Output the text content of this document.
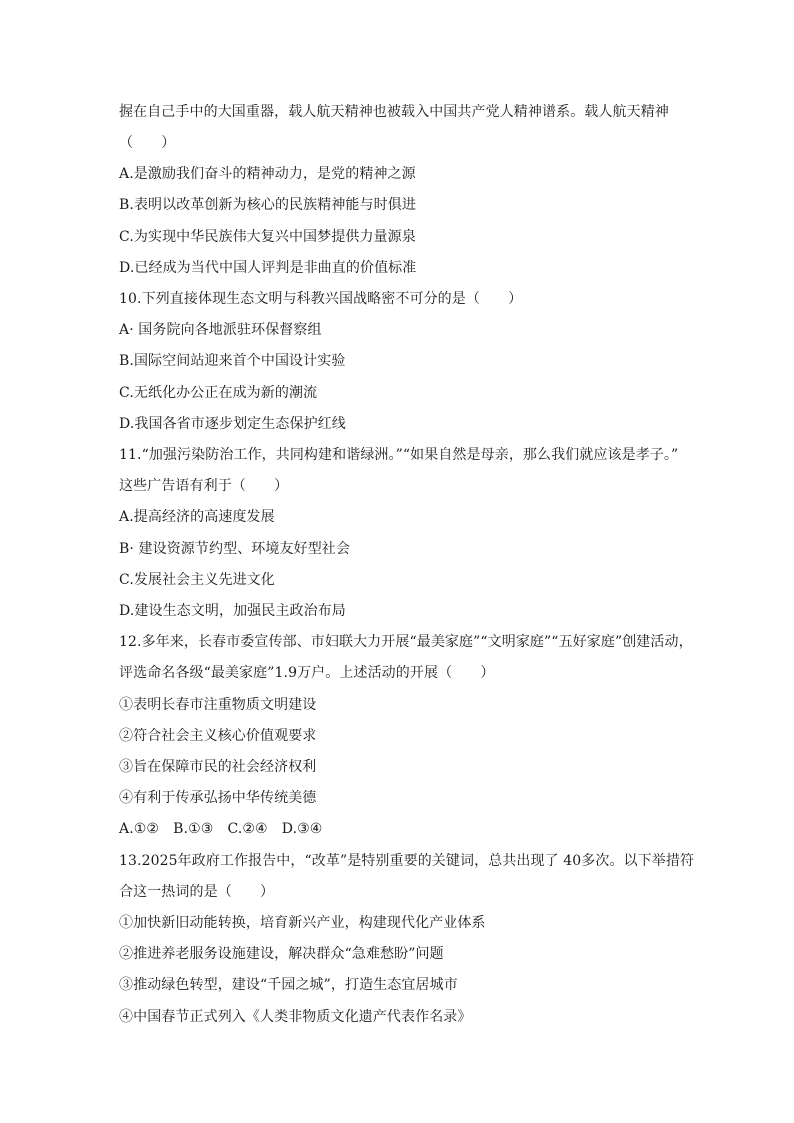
握在自己手中的大国重器，载人航天精神也被载入中国共产党人精神谱系。载人航天精神
（　　）
A.是激励我们奋斗的精神动力，是党的精神之源
B.表明以改革创新为核心的民族精神能与时俱进
C.为实现中华民族伟大复兴中国梦提供力量源泉
D.已经成为当代中国人评判是非曲直的价值标准
10.下列直接体现生态文明与科教兴国战略密不可分的是（　　）
A· 国务院向各地派驻环保督察组
B.国际空间站迎来首个中国设计实验
C.无纸化办公正在成为新的潮流
D.我国各省市逐步划定生态保护红线
11.“加强污染防治工作，共同构建和谐绿洲。”“如果自然是母亲，那么我们就应该是孝子。”
这些广告语有利于（　　）
A.提高经济的高速度发展
B· 建设资源节约型、环境友好型社会
C.发展社会主义先进文化
D.建设生态文明，加强民主政治布局
12.多年来，长春市委宣传部、市妇联大力开展“最美家庭”“文明家庭”“五好家庭”创建活动，
评选命名各级“最美家庭”1.9万户。上述活动的开展（　　）
①表明长春市注重物质文明建设
②符合社会主义核心价值观要求
③旨在保障市民的社会经济权利
④有利于传承弘扬中华传统美德
A.①②　B.①③　C.②④　D.③④
13.2025年政府工作报告中，“改革”是特别重要的关键词，总共出现了 40多次。以下举措符
合这一热词的是（　　）
①加快新旧动能转换，培育新兴产业，构建现代化产业体系
②推进养老服务设施建设，解决群众“急难愁盼”问题
③推动绿色转型，建设“千园之城”，打造生态宜居城市
④中国春节正式列入《人类非物质文化遗产代表作名录》
